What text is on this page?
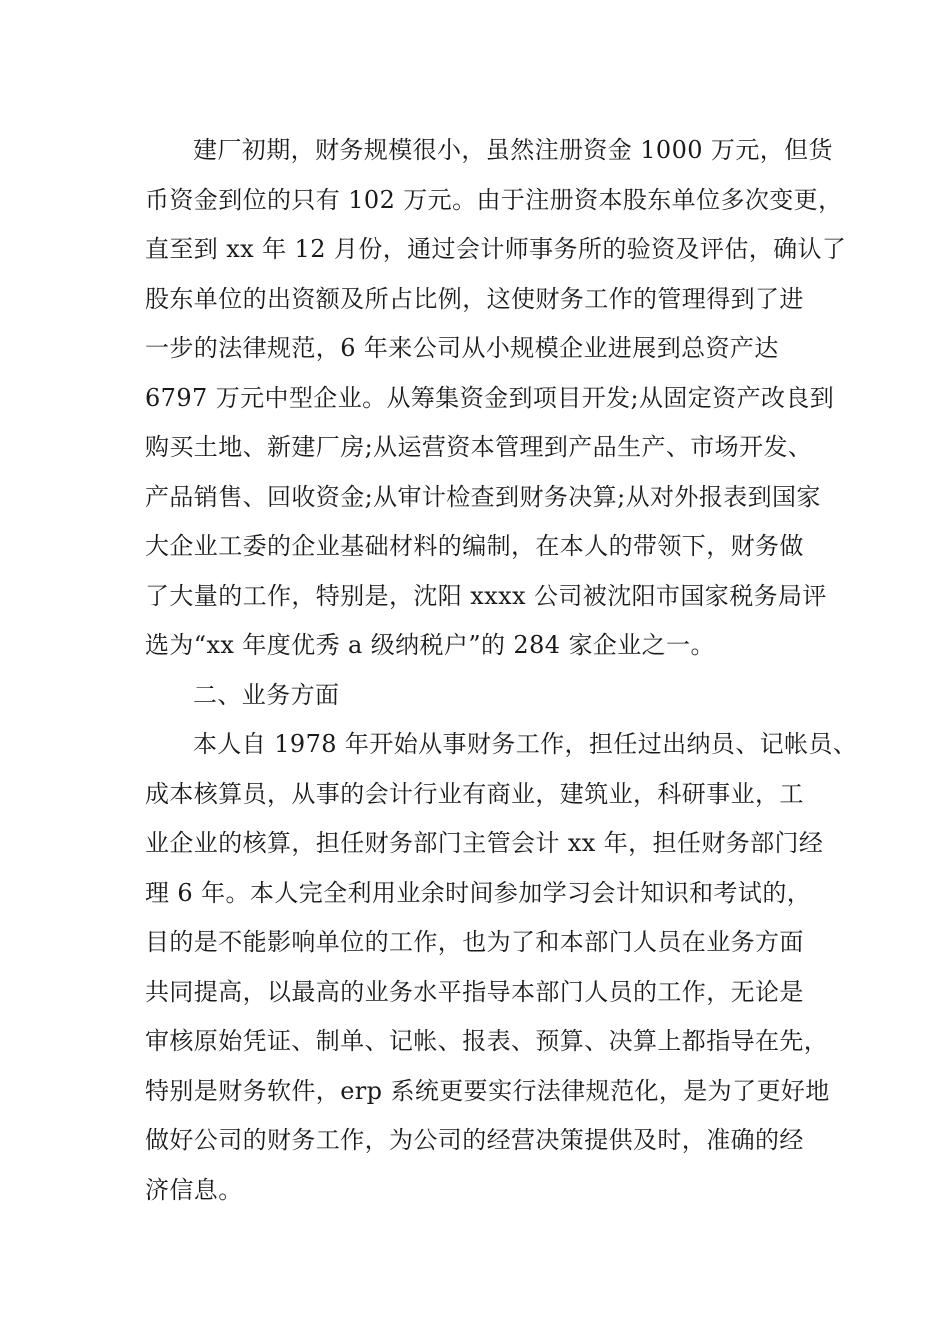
建厂初期，财务规模很小，虽然注册资金 1000 万元，但货
币资金到位的只有 102 万元。由于注册资本股东单位多次变更，
直至到 xx 年 12 月份，通过会计师事务所的验资及评估，确认了
股东单位的出资额及所占比例，这使财务工作的管理得到了进
一步的法律规范，6 年来公司从小规模企业进展到总资产达
6797 万元中型企业。从筹集资金到项目开发;从固定资产改良到
购买土地、新建厂房;从运营资本管理到产品生产、市场开发、
产品销售、回收资金;从审计检查到财务决算;从对外报表到国家
大企业工委的企业基础材料的编制，在本人的带领下，财务做
了大量的工作，特别是，沈阳 xxxx 公司被沈阳市国家税务局评
选为“xx 年度优秀 a 级纳税户”的 284 家企业之一。
二、业务方面
本人自 1978 年开始从事财务工作，担任过出纳员、记帐员、
成本核算员，从事的会计行业有商业，建筑业，科研事业，工
业企业的核算，担任财务部门主管会计 xx 年，担任财务部门经
理 6 年。本人完全利用业余时间参加学习会计知识和考试的，
目的是不能影响单位的工作，也为了和本部门人员在业务方面
共同提高，以最高的业务水平指导本部门人员的工作，无论是
审核原始凭证、制单、记帐、报表、预算、决算上都指导在先，
特别是财务软件，erp 系统更要实行法律规范化，是为了更好地
做好公司的财务工作，为公司的经营决策提供及时，准确的经
济信息。
